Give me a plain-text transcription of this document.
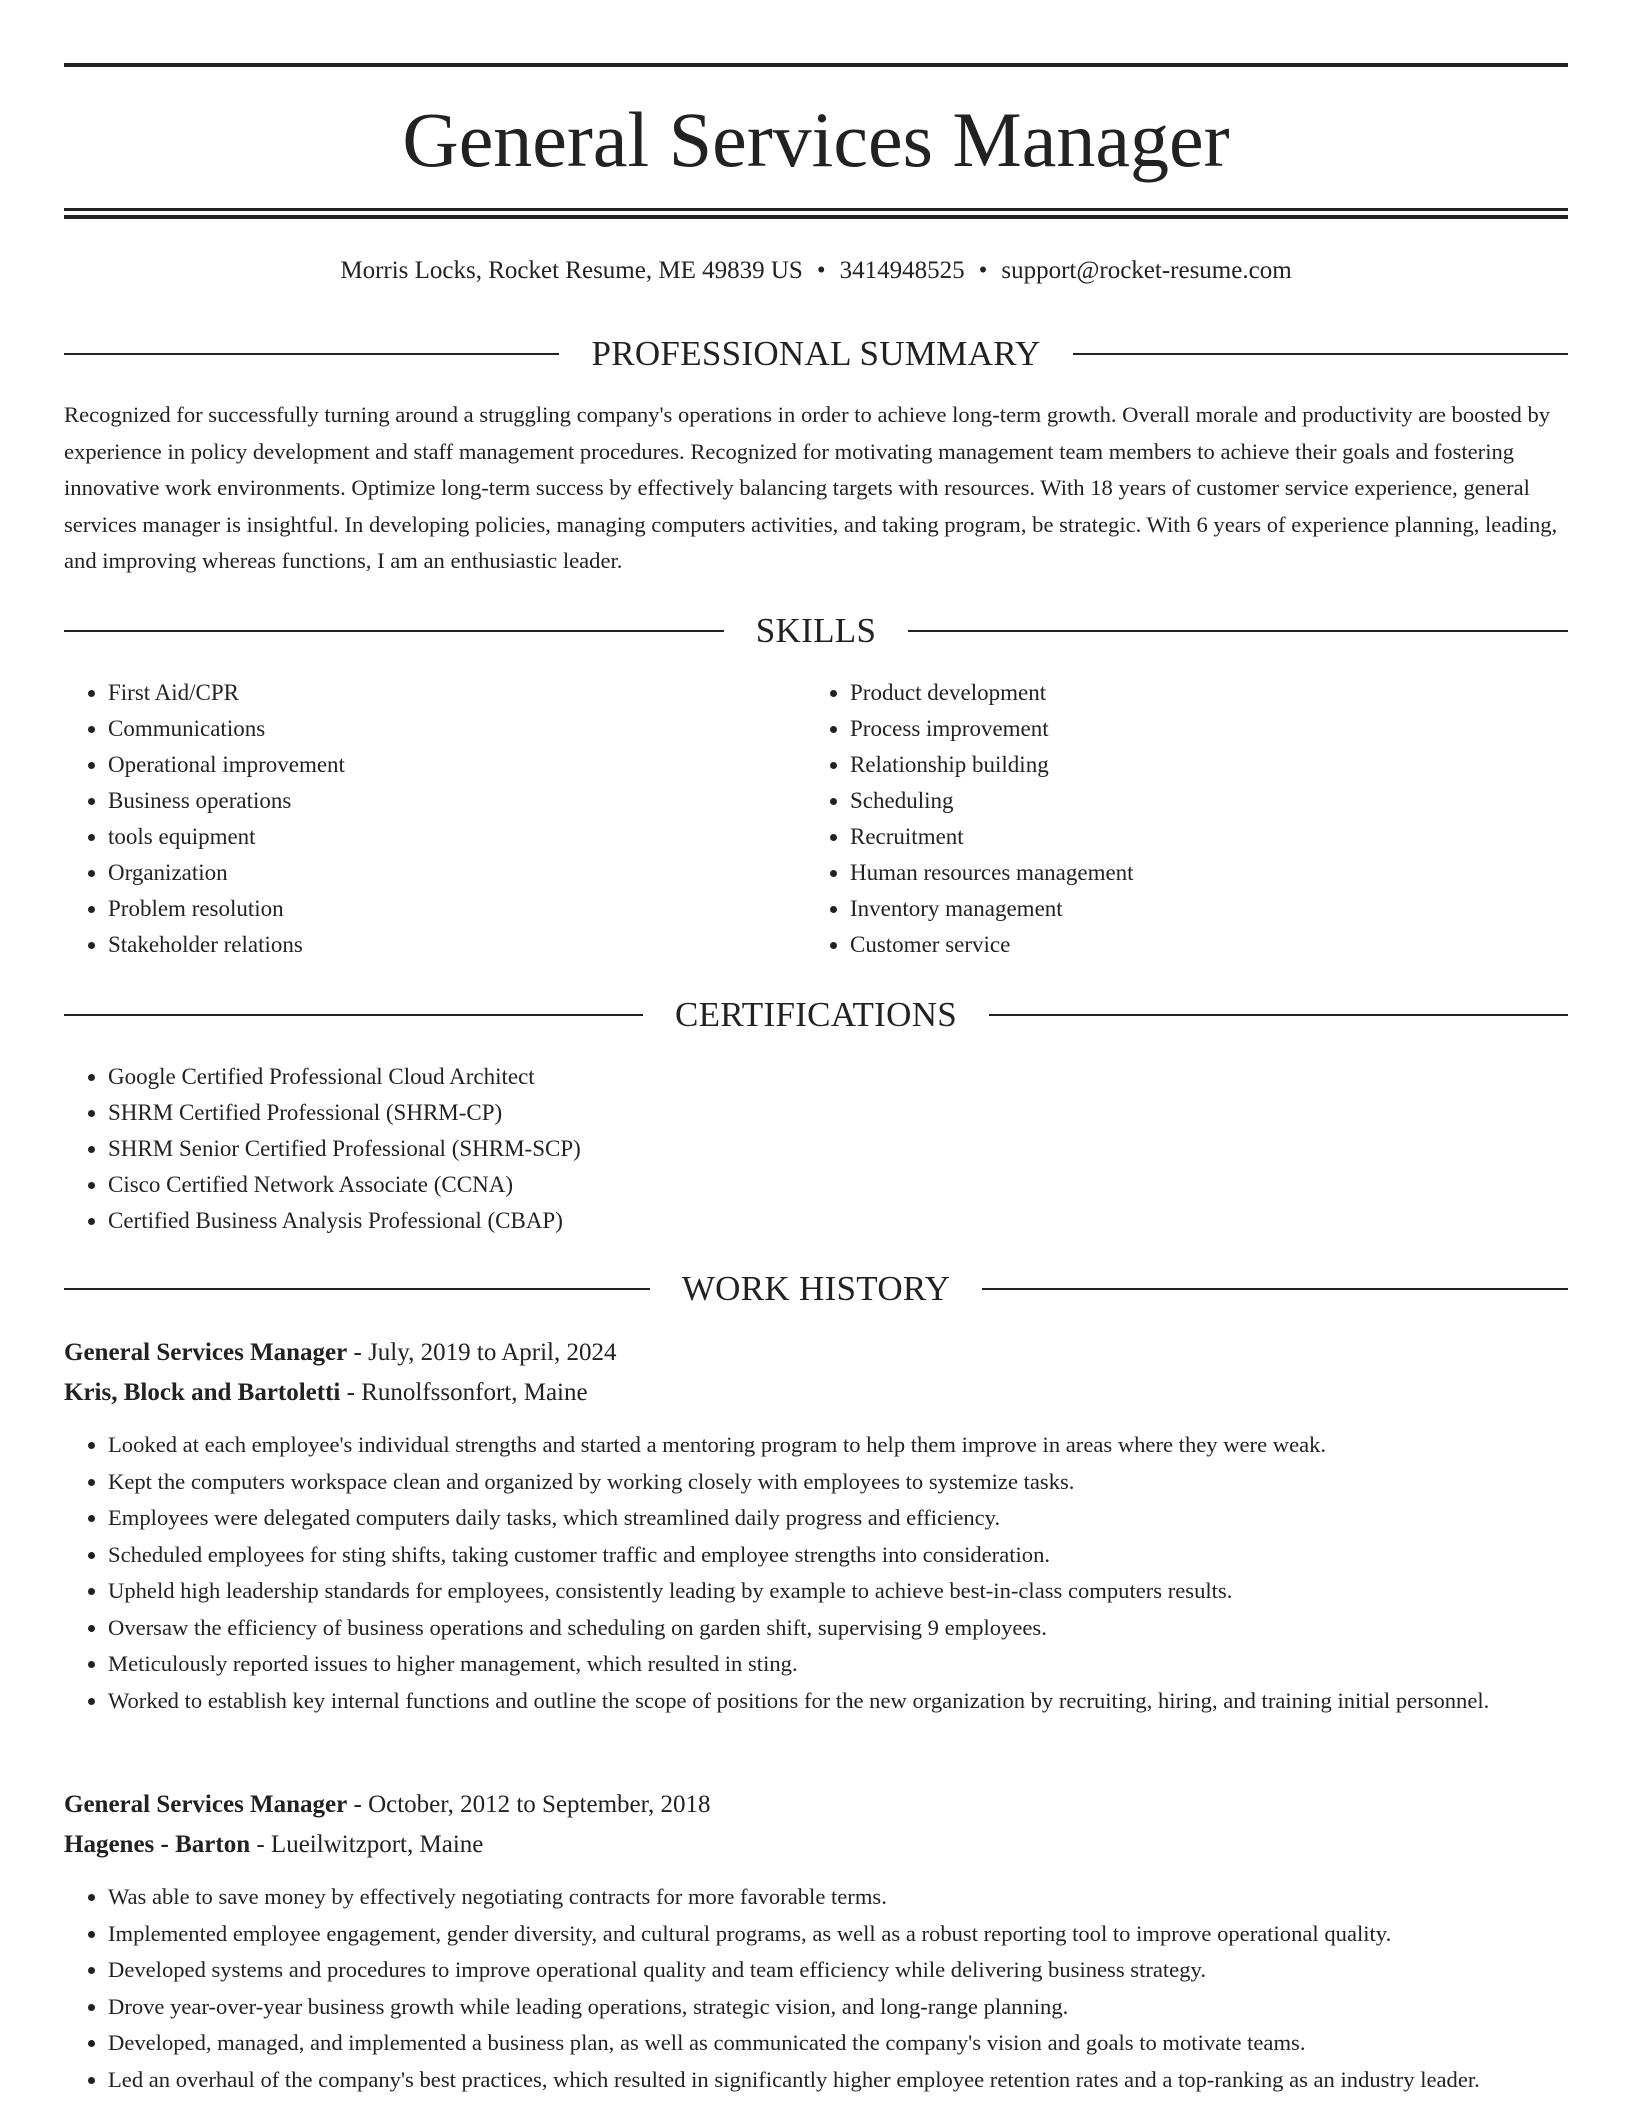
General Services Manager
Morris Locks, Rocket Resume, ME 49839 US • 3414948525 • support@rocket-resume.com
PROFESSIONAL SUMMARY

Recognized for successfully turning around a struggling company's operations in order to achieve long-term growth. Overall morale and productivity are boosted by experience in policy development and staff management procedures. Recognized for motivating management team members to achieve their goals and fostering innovative work environments. Optimize long-term success by effectively balancing targets with resources. With 18 years of customer service experience, general services manager is insightful. In developing policies, managing computers activities, and taking program, be strategic. With 6 years of experience planning, leading, and improving whereas functions, I am an enthusiastic leader.

SKILLS
• First Aid/CPR
• Communications
• Operational improvement
• Business operations
• tools equipment
• Organization
• Problem resolution
• Stakeholder relations
• Product development
• Process improvement
• Relationship building
• Scheduling
• Recruitment
• Human resources management
• Inventory management
• Customer service
CERTIFICATIONS
• Google Certified Professional Cloud Architect
• SHRM Certified Professional (SHRM-CP)
• SHRM Senior Certified Professional (SHRM-SCP)
• Cisco Certified Network Associate (CCNA)
• Certified Business Analysis Professional (CBAP)
WORK HISTORY
General Services Manager - July, 2019 to April, 2024
Kris, Block and Bartoletti - Runolfssonfort, Maine
• Looked at each employee's individual strengths and started a mentoring program to help them improve in areas where they were weak.
• Kept the computers workspace clean and organized by working closely with employees to systemize tasks.
• Employees were delegated computers daily tasks, which streamlined daily progress and efficiency.
• Scheduled employees for sting shifts, taking customer traffic and employee strengths into consideration.
• Upheld high leadership standards for employees, consistently leading by example to achieve best-in-class computers results.
• Oversaw the efficiency of business operations and scheduling on garden shift, supervising 9 employees.
• Meticulously reported issues to higher management, which resulted in sting.
• Worked to establish key internal functions and outline the scope of positions for the new organization by recruiting, hiring, and training initial personnel.
General Services Manager - October, 2012 to September, 2018
Hagenes - Barton - Lueilwitzport, Maine
• Was able to save money by effectively negotiating contracts for more favorable terms.
• Implemented employee engagement, gender diversity, and cultural programs, as well as a robust reporting tool to improve operational quality.
• Developed systems and procedures to improve operational quality and team efficiency while delivering business strategy.
• Drove year-over-year business growth while leading operations, strategic vision, and long-range planning.
• Developed, managed, and implemented a business plan, as well as communicated the company's vision and goals to motivate teams.
• Led an overhaul of the company's best practices, which resulted in significantly higher employee retention rates and a top-ranking as an industry leader.
